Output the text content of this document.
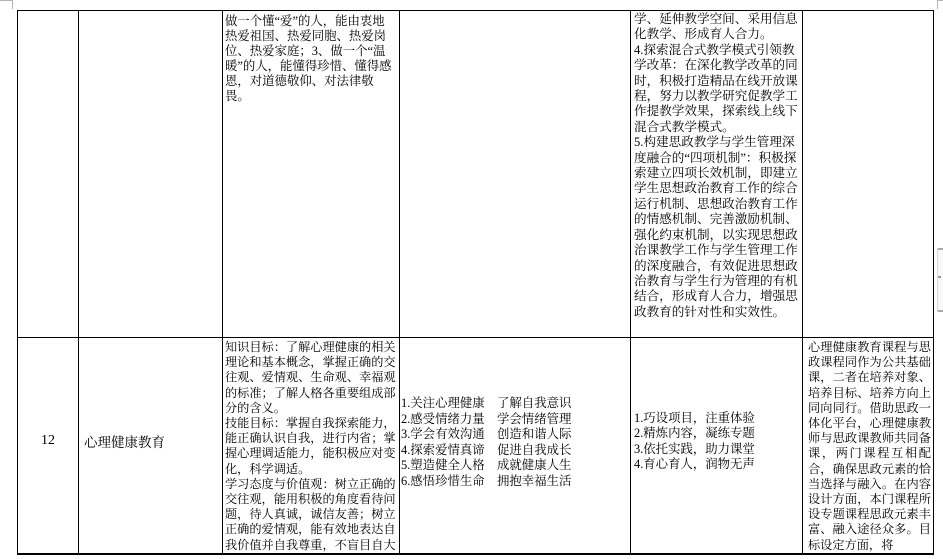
做一个懂“爱”的人，能由衷地热爱祖国、热爱同胞、热爱岗位、热爱家庭；3、做一个“温暖”的人，能懂得珍惜、懂得感恩，对道德敬仰、对法律敬畏。
学、延伸教学空间、采用信息化教学、形成育人合力。
4.探索混合式教学模式引领教学改革：在深化教学改革的同时，积极打造精品在线开放课程，努力以教学研究促教学工作提教学效果，探索线上线下混合式教学模式。
5.构建思政教学与学生管理深度融合的“四项机制”：积极探索建立四项长效机制，即建立学生思想政治教育工作的综合运行机制、思想政治教育工作的情感机制、完善激励机制、强化约束机制，以实现思想政治课教学工作与学生管理工作的深度融合，有效促进思想政治教育与学生行为管理的有机结合，形成育人合力，增强思政教育的针对性和实效性。
12	心理健康教育
知识目标：了解心理健康的相关理论和基本概念，掌握正确的交往观、爱情观、生命观、幸福观的标准；了解人格各重要组成部分的含义。
技能目标：掌握自我探索能力，能正确认识自我，进行内省；掌握心理调适能力，能积极应对变化，科学调适。
学习态度与价值观：树立正确的交往观，能用积极的角度看待问题，待人真诚，诚信友善；树立正确的爱情观，能有效地表达自我价值并自我尊重，不盲目自大
1.关注心理健康　了解自我意识
2.感受情绪力量　学会情绪管理
3.学会有效沟通　创造和谐人际
4.探索爱情真谛　促进自我成长
5.塑造健全人格　成就健康人生
6.感悟珍惜生命　拥抱幸福生活
1.巧设项目，注重体验
2.精炼内容，凝练专题
3.依托实践，助力课堂
4.育心育人，润物无声
心理健康教育课程与思政课程同作为公共基础课，二者在培养对象、培养目标、培养方向上同向同行。借助思政一体化平台，心理健康教师与思政课教师共同备课，两门课程互相配合，确保思政元素的恰当选择与融入。在内容设计方面，本门课程所设专题课程思政元素丰富、融入途径众多。目标设定方面，将
